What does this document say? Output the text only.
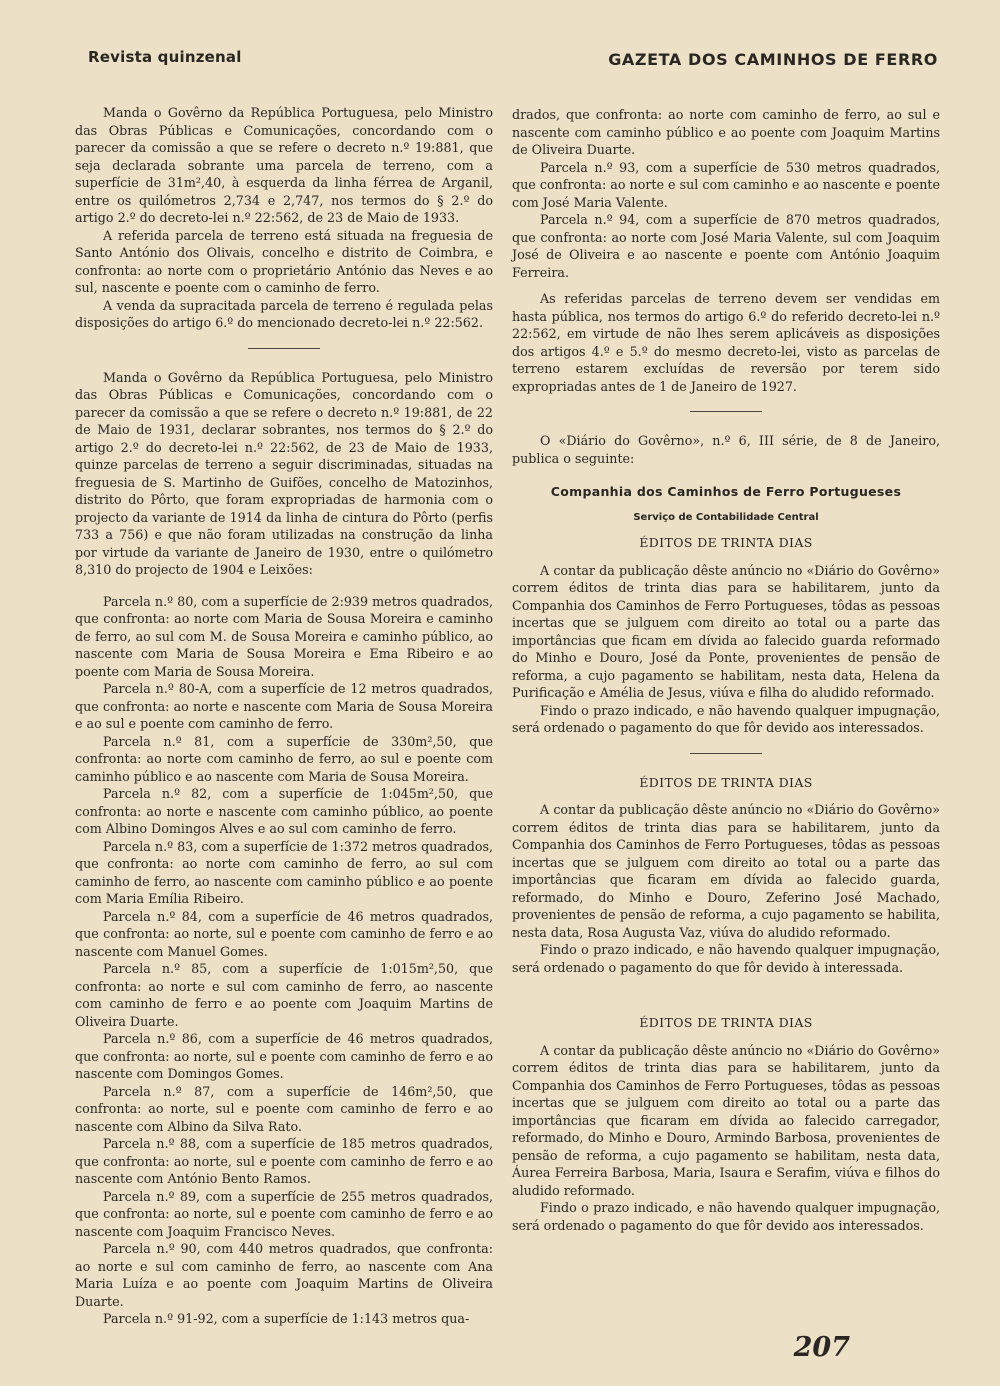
Revista quinzenal	GAZETA DOS CAMINHOS DE FERRO

Manda o Govêrno da República Portuguesa, pelo Ministro das Obras Públicas e Comunicações, concordando com o parecer da comissão a que se refere o decreto n.º 19:881, que seja declarada sobrante uma parcela de terreno, com a superfície de 31m²,40, à esquerda da linha férrea de Arganil, entre os quilómetros 2,734 e 2,747, nos termos do § 2.º do artigo 2.º do decreto-lei n.º 22:562, de 23 de Maio de 1933.

A referida parcela de terreno está situada na freguesia de Santo António dos Olivais, concelho e distrito de Coimbra, e confronta: ao norte com o proprietário António das Neves e ao sul, nascente e poente com o caminho de ferro.

A venda da supracitada parcela de terreno é regulada pelas disposições do artigo 6.º do mencionado decreto-lei n.º 22:562.

Manda o Govêrno da República Portuguesa, pelo Ministro das Obras Públicas e Comunicações, concordando com o parecer da comissão a que se refere o decreto n.º 19:881, de 22 de Maio de 1931, declarar sobrantes, nos termos do § 2.º do artigo 2.º do decreto-lei n.º 22:562, de 23 de Maio de 1933, quinze parcelas de terreno a seguir discriminadas, situadas na freguesia de S. Martinho de Guifões, concelho de Matozinhos, distrito do Pôrto, que foram expropriadas de harmonia com o projecto da variante de 1914 da linha de cintura do Pôrto (perfis 733 a 756) e que não foram utilizadas na construção da linha por virtude da variante de Janeiro de 1930, entre o quilómetro 8,310 do projecto de 1904 e Leixões:

Parcela n.º 80, com a superfície de 2:939 metros quadrados, que confronta: ao norte com Maria de Sousa Moreira e caminho de ferro, ao sul com M. de Sousa Moreira e caminho público, ao nascente com Maria de Sousa Moreira e Ema Ribeiro e ao poente com Maria de Sousa Moreira.

Parcela n.º 80-A, com a superfície de 12 metros quadrados, que confronta: ao norte e nascente com Maria de Sousa Moreira e ao sul e poente com caminho de ferro.

Parcela n.º 81, com a superfície de 330m²,50, que confronta: ao norte com caminho de ferro, ao sul e poente com caminho público e ao nascente com Maria de Sousa Moreira.

Parcela n.º 82, com a superfície de 1:045m²,50, que confronta: ao norte e nascente com caminho público, ao poente com Albino Domingos Alves e ao sul com caminho de ferro.

Parcela n.º 83, com a superfície de 1:372 metros quadrados, que confronta: ao norte com caminho de ferro, ao sul com caminho de ferro, ao nascente com caminho público e ao poente com Maria Emília Ribeiro.

Parcela n.º 84, com a superfície de 46 metros quadrados, que confronta: ao norte, sul e poente com caminho de ferro e ao nascente com Manuel Gomes.

Parcela n.º 85, com a superfície de 1:015m²,50, que confronta: ao norte e sul com caminho de ferro, ao nascente com caminho de ferro e ao poente com Joaquim Martins de Oliveira Duarte.

Parcela n.º 86, com a superfície de 46 metros quadrados, que confronta: ao norte, sul e poente com caminho de ferro e ao nascente com Domingos Gomes.

Parcela n.º 87, com a superfície de 146m²,50, que confronta: ao norte, sul e poente com caminho de ferro e ao nascente com Albino da Silva Rato.

Parcela n.º 88, com a superfície de 185 metros quadrados, que confronta: ao norte, sul e poente com caminho de ferro e ao nascente com António Bento Ramos.

Parcela n.º 89, com a superfície de 255 metros quadrados, que confronta: ao norte, sul e poente com caminho de ferro e ao nascente com Joaquim Francisco Neves.

Parcela n.º 90, com 440 metros quadrados, que confronta: ao norte e sul com caminho de ferro, ao nascente com Ana Maria Luíza e ao poente com Joaquim Martins de Oliveira Duarte.

Parcela n.º 91-92, com a superfície de 1:143 metros qua-

drados, que confronta: ao norte com caminho de ferro, ao sul e nascente com caminho público e ao poente com Joaquim Martins de Oliveira Duarte.

Parcela n.º 93, com a superfície de 530 metros quadrados, que confronta: ao norte e sul com caminho e ao nascente e poente com José Maria Valente.

Parcela n.º 94, com a superfície de 870 metros quadrados, que confronta: ao norte com José Maria Valente, sul com Joaquim José de Oliveira e ao nascente e poente com António Joaquim Ferreira.

As referidas parcelas de terreno devem ser vendidas em hasta pública, nos termos do artigo 6.º do referido decreto-lei n.º 22:562, em virtude de não lhes serem aplicáveis as disposições dos artigos 4.º e 5.º do mesmo decreto-lei, visto as parcelas de terreno estarem excluídas de reversão por terem sido expropriadas antes de 1 de Janeiro de 1927.

O «Diário do Govêrno», n.º 6, III série, de 8 de Janeiro, publica o seguinte:

Companhia dos Caminhos de Ferro Portugueses
Serviço de Contabilidade Central
ÉDITOS DE TRINTA DIAS

A contar da publicação dêste anúncio no «Diário do Govêrno» correm éditos de trinta dias para se habilitarem, junto da Companhia dos Caminhos de Ferro Portugueses, tôdas as pessoas incertas que se julguem com direito ao total ou a parte das importâncias que ficam em dívida ao falecido guarda reformado do Minho e Douro, José da Ponte, provenientes de pensão de reforma, a cujo pagamento se habilitam, nesta data, Helena da Purificação e Amélia de Jesus, viúva e filha do aludido reformado.

Findo o prazo indicado, e não havendo qualquer impugnação, será ordenado o pagamento do que fôr devido aos interessados.

ÉDITOS DE TRINTA DIAS

A contar da publicação dêste anúncio no «Diário do Govêrno» correm éditos de trinta dias para se habilitarem, junto da Companhia dos Caminhos de Ferro Portugueses, tôdas as pessoas incertas que se julguem com direito ao total ou a parte das importâncias que ficaram em dívida ao falecido guarda, reformado, do Minho e Douro, Zeferino José Machado, provenientes de pensão de reforma, a cujo pagamento se habilita, nesta data, Rosa Augusta Vaz, viúva do aludido reformado.

Findo o prazo indicado, e não havendo qualquer impugnação, será ordenado o pagamento do que fôr devido à interessada.

ÉDITOS DE TRINTA DIAS

A contar da publicação dêste anúncio no «Diário do Govêrno» correm éditos de trinta dias para se habilitarem, junto da Companhia dos Caminhos de Ferro Portugueses, tôdas as pessoas incertas que se julguem com direito ao total ou a parte das importâncias que ficaram em dívida ao falecido carregador, reformado, do Minho e Douro, Armindo Barbosa, provenientes de pensão de reforma, a cujo pagamento se habilitam, nesta data, Áurea Ferreira Barbosa, Maria, Isaura e Serafim, viúva e filhos do aludido reformado.

Findo o prazo indicado, e não havendo qualquer impugnação, será ordenado o pagamento do que fôr devido aos interessados.

207
